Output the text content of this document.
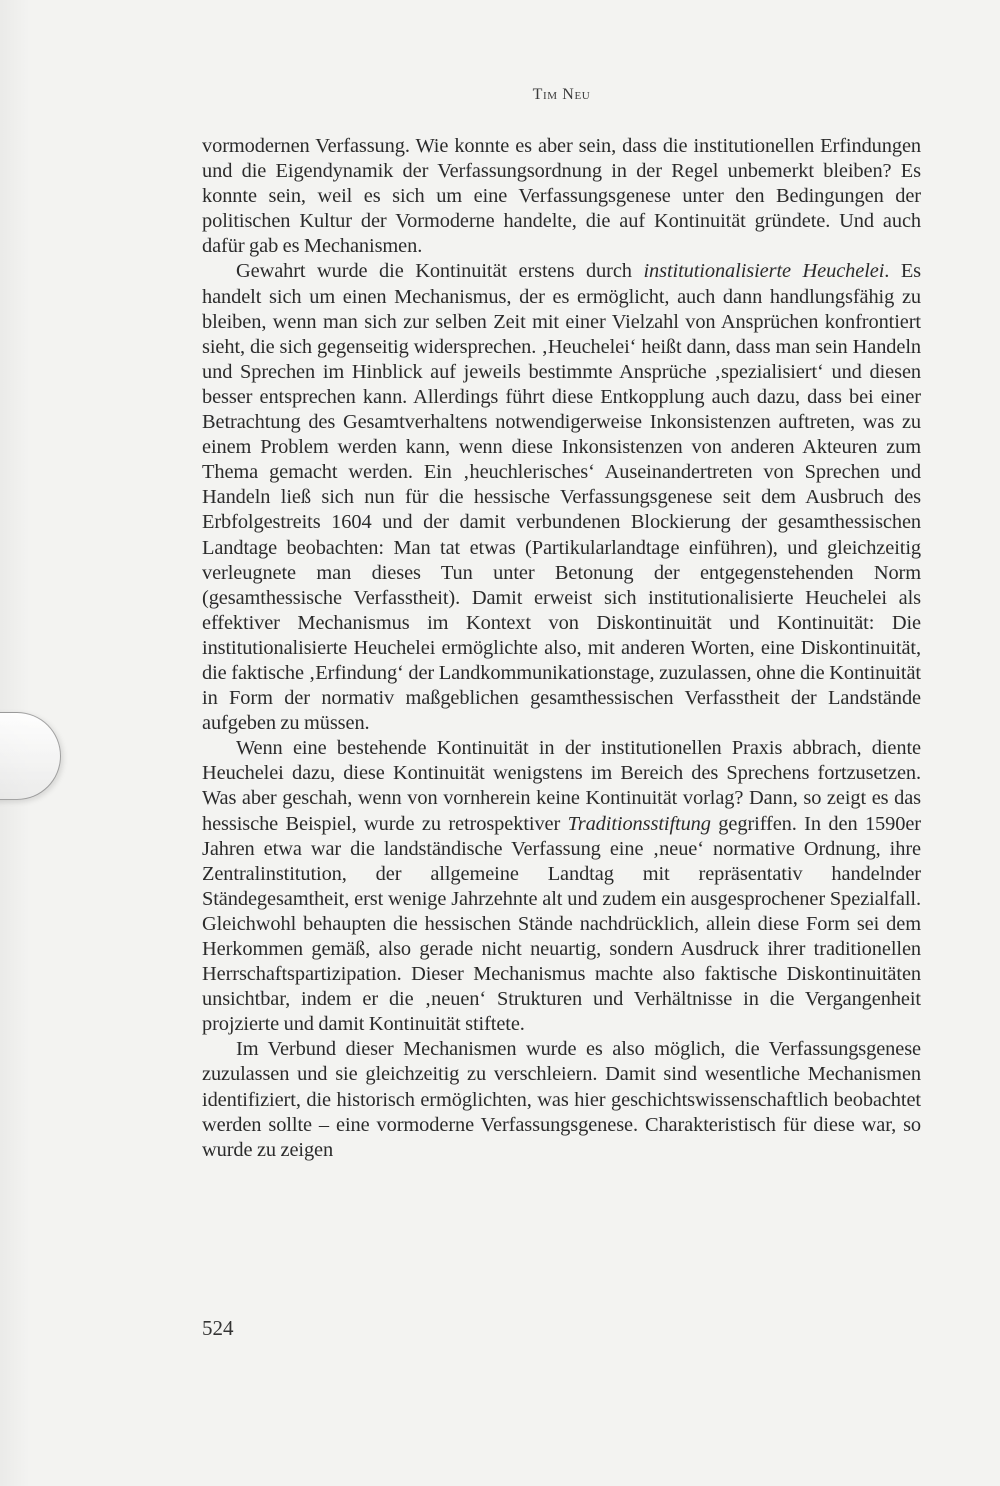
Tim Neu

vormodernen Verfassung. Wie konnte es aber sein, dass die institutionellen Erfindungen und die Eigendynamik der Verfassungsordnung in der Regel unbemerkt bleiben? Es konnte sein, weil es sich um eine Verfassungsgenese unter den Bedingungen der politischen Kultur der Vormoderne handelte, die auf Kontinuität gründete. Und auch dafür gab es Mechanismen.

Gewahrt wurde die Kontinuität erstens durch institutionalisierte Heuchelei. Es handelt sich um einen Mechanismus, der es ermöglicht, auch dann handlungsfähig zu bleiben, wenn man sich zur selben Zeit mit einer Vielzahl von Ansprüchen konfrontiert sieht, die sich gegenseitig widersprechen. ‚Heuchelei‘ heißt dann, dass man sein Handeln und Sprechen im Hinblick auf jeweils bestimmte Ansprüche ‚spezialisiert‘ und diesen besser entsprechen kann. Allerdings führt diese Entkopplung auch dazu, dass bei einer Betrachtung des Gesamtverhaltens notwendigerweise Inkonsistenzen auftreten, was zu einem Problem werden kann, wenn diese Inkonsistenzen von anderen Akteuren zum Thema gemacht werden. Ein ‚heuchlerisches‘ Auseinandertreten von Sprechen und Handeln ließ sich nun für die hessische Verfassungsgenese seit dem Ausbruch des Erbfolgestreits 1604 und der damit verbundenen Blockierung der gesamthessischen Landtage beobachten: Man tat etwas (Partikularlandtage einführen), und gleichzeitig verleugnete man dieses Tun unter Betonung der entgegenstehenden Norm (gesamthessische Verfasstheit). Damit erweist sich institutionalisierte Heuchelei als effektiver Mechanismus im Kontext von Diskontinuität und Kontinuität: Die institutionalisierte Heuchelei ermöglichte also, mit anderen Worten, eine Diskontinuität, die faktische ‚Erfindung‘ der Landkommunikationstage, zuzulassen, ohne die Kontinuität in Form der normativ maßgeblichen gesamthessischen Verfasstheit der Landstände aufgeben zu müssen.

Wenn eine bestehende Kontinuität in der institutionellen Praxis abbrach, diente Heuchelei dazu, diese Kontinuität wenigstens im Bereich des Sprechens fortzusetzen. Was aber geschah, wenn von vornherein keine Kontinuität vorlag? Dann, so zeigt es das hessische Beispiel, wurde zu retrospektiver Traditionsstiftung gegriffen. In den 1590er Jahren etwa war die landständische Verfassung eine ‚neue‘ normative Ordnung, ihre Zentralinstitution, der allgemeine Landtag mit repräsentativ handelnder Ständegesamtheit, erst wenige Jahrzehnte alt und zudem ein ausgesprochener Spezialfall. Gleichwohl behaupten die hessischen Stände nachdrücklich, allein diese Form sei dem Herkommen gemäß, also gerade nicht neuartig, sondern Ausdruck ihrer traditionellen Herrschaftspartizipation. Dieser Mechanismus machte also faktische Diskontinuitäten unsichtbar, indem er die ‚neuen‘ Strukturen und Verhältnisse in die Vergangenheit projzierte und damit Kontinuität stiftete.

Im Verbund dieser Mechanismen wurde es also möglich, die Verfassungsgenese zuzulassen und sie gleichzeitig zu verschleiern. Damit sind wesentliche Mechanismen identifiziert, die historisch ermöglichten, was hier geschichtswissenschaftlich beobachtet werden sollte – eine vormoderne Verfassungsgenese. Charakteristisch für diese war, so wurde zu zeigen

524
